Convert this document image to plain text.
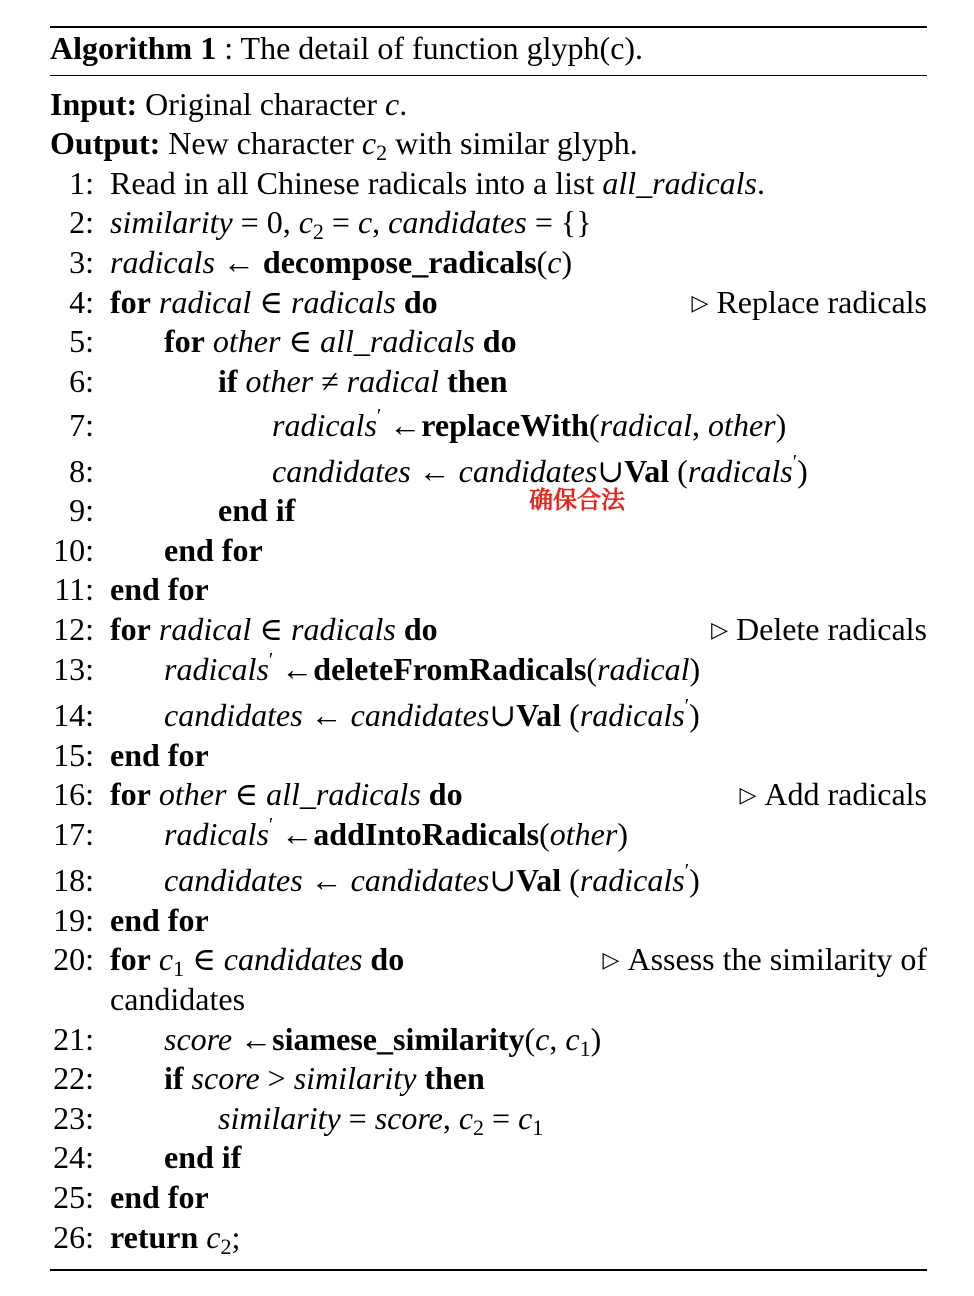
Algorithm 1 : The detail of function glyph(c).
Input: Original character c.
Output: New character $c_2$ with similar glyph.
1: Read in all Chinese radicals into a list all_radicals.
2: similarity = 0, $c_2 = c$, candidates = {}
3: radicals ← decompose_radicals(c)
4: for radical ∈ radicals do	▷ Replace radicals
5: for other ∈ all_radicals do
6:	if other ≠ radical then
7:	radicals′ ←replaceWith(radical, other)
8:	candidates ← candidates∪Val (radicals′)
9:	end if
10: end for
11: end for
12: for radical ∈ radicals do	▷ Delete radicals
13: radicals′ ←deleteFromRadicals(radical)
14: candidates ← candidates∪Val (radicals′)
15: end for
16: for other ∈ all_radicals do	▷ Add radicals
17: radicals′ ←addIntoRadicals(other)
18: candidates ← candidates∪Val (radicals′)
19: end for
20: for $c_1$ ∈ candidates do	▷ Assess the similarity of
candidates
21: score ←siamese_similarity(c, $c_1$)
22: if score > similarity then
23:	similarity = score, $c_2 = c_1$
24: end if
25: end for
26: return $c_2$;
确保合法
